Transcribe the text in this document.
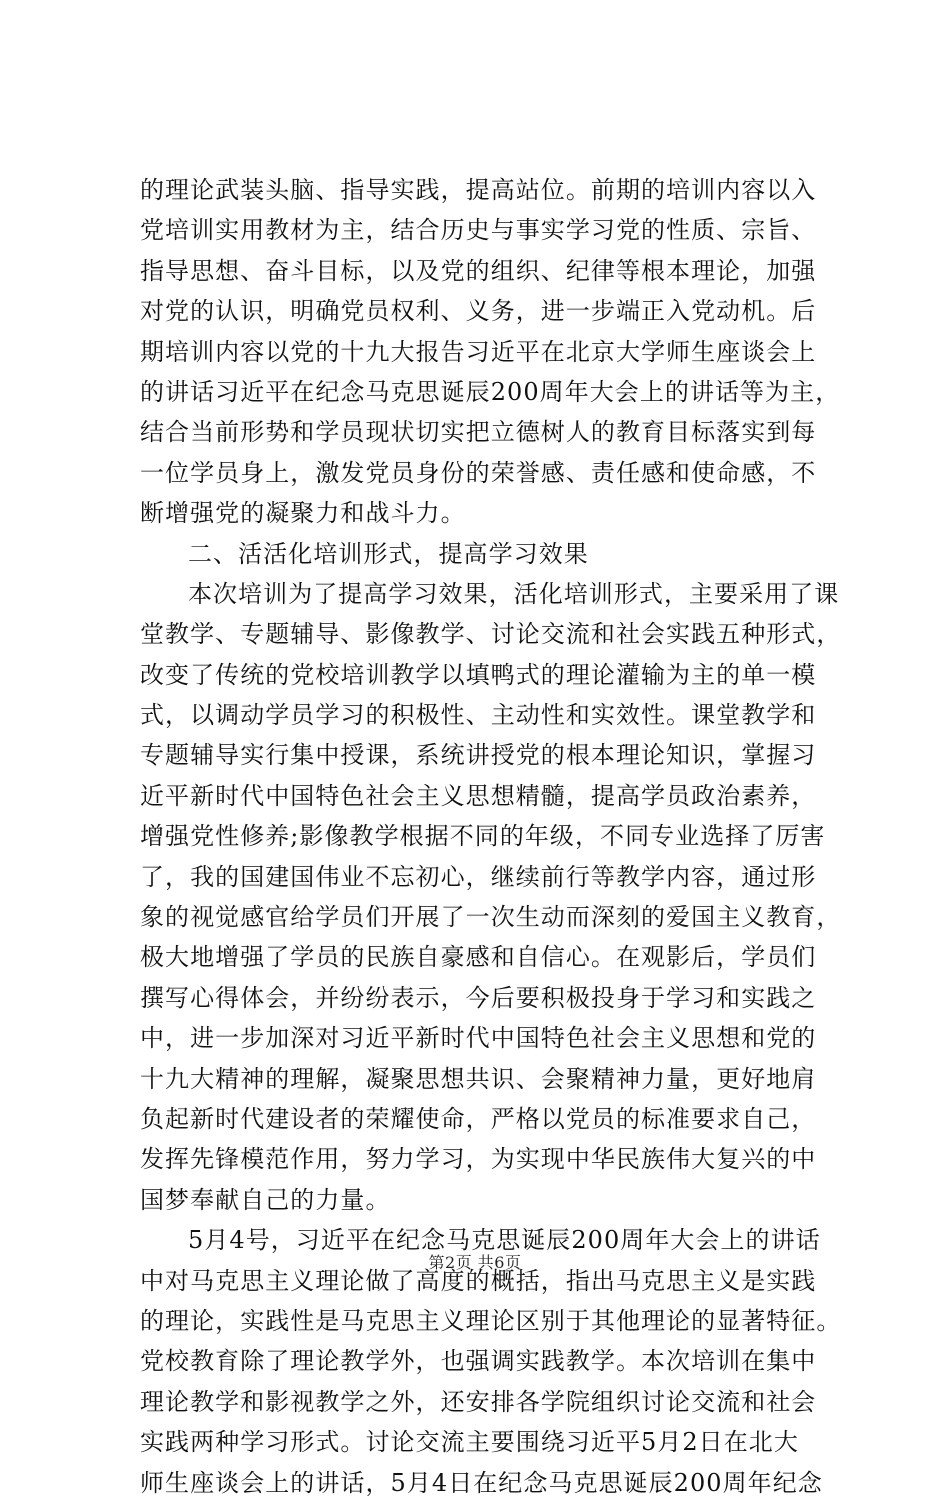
的理论武装头脑、指导实践，提高站位。前期的培训内容以入
党培训实用教材为主，结合历史与事实学习党的性质、宗旨、
指导思想、奋斗目标，以及党的组织、纪律等根本理论，加强
对党的认识，明确党员权利、义务，进一步端正入党动机。后
期培训内容以党的十九大报告习近平在北京大学师生座谈会上
的讲话习近平在纪念马克思诞辰200周年大会上的讲话等为主，
结合当前形势和学员现状切实把立德树人的教育目标落实到每
一位学员身上，激发党员身份的荣誉感、责任感和使命感，不
断增强党的凝聚力和战斗力。
二、活活化培训形式，提高学习效果
本次培训为了提高学习效果，活化培训形式，主要采用了课
堂教学、专题辅导、影像教学、讨论交流和社会实践五种形式，
改变了传统的党校培训教学以填鸭式的理论灌输为主的单一模
式，以调动学员学习的积极性、主动性和实效性。课堂教学和
专题辅导实行集中授课，系统讲授党的根本理论知识，掌握习
近平新时代中国特色社会主义思想精髓，提高学员政治素养，
增强党性修养;影像教学根据不同的年级，不同专业选择了厉害
了，我的国建国伟业不忘初心，继续前行等教学内容，通过形
象的视觉感官给学员们开展了一次生动而深刻的爱国主义教育，
极大地增强了学员的民族自豪感和自信心。在观影后，学员们
撰写心得体会，并纷纷表示，今后要积极投身于学习和实践之
中，进一步加深对习近平新时代中国特色社会主义思想和党的
十九大精神的理解，凝聚思想共识、会聚精神力量，更好地肩
负起新时代建设者的荣耀使命，严格以党员的标准要求自己，
发挥先锋模范作用，努力学习，为实现中华民族伟大复兴的中
国梦奉献自己的力量。
5月4号，习近平在纪念马克思诞辰200周年大会上的讲话
中对马克思主义理论做了高度的概括，指出马克思主义是实践
的理论，实践性是马克思主义理论区别于其他理论的显著特征。
党校教育除了理论教学外，也强调实践教学。本次培训在集中
理论教学和影视教学之外，还安排各学院组织讨论交流和社会
实践两种学习形式。讨论交流主要围绕习近平5月2日在北大
师生座谈会上的讲话，5月4日在纪念马克思诞辰200周年纪念
第2页 共6页
